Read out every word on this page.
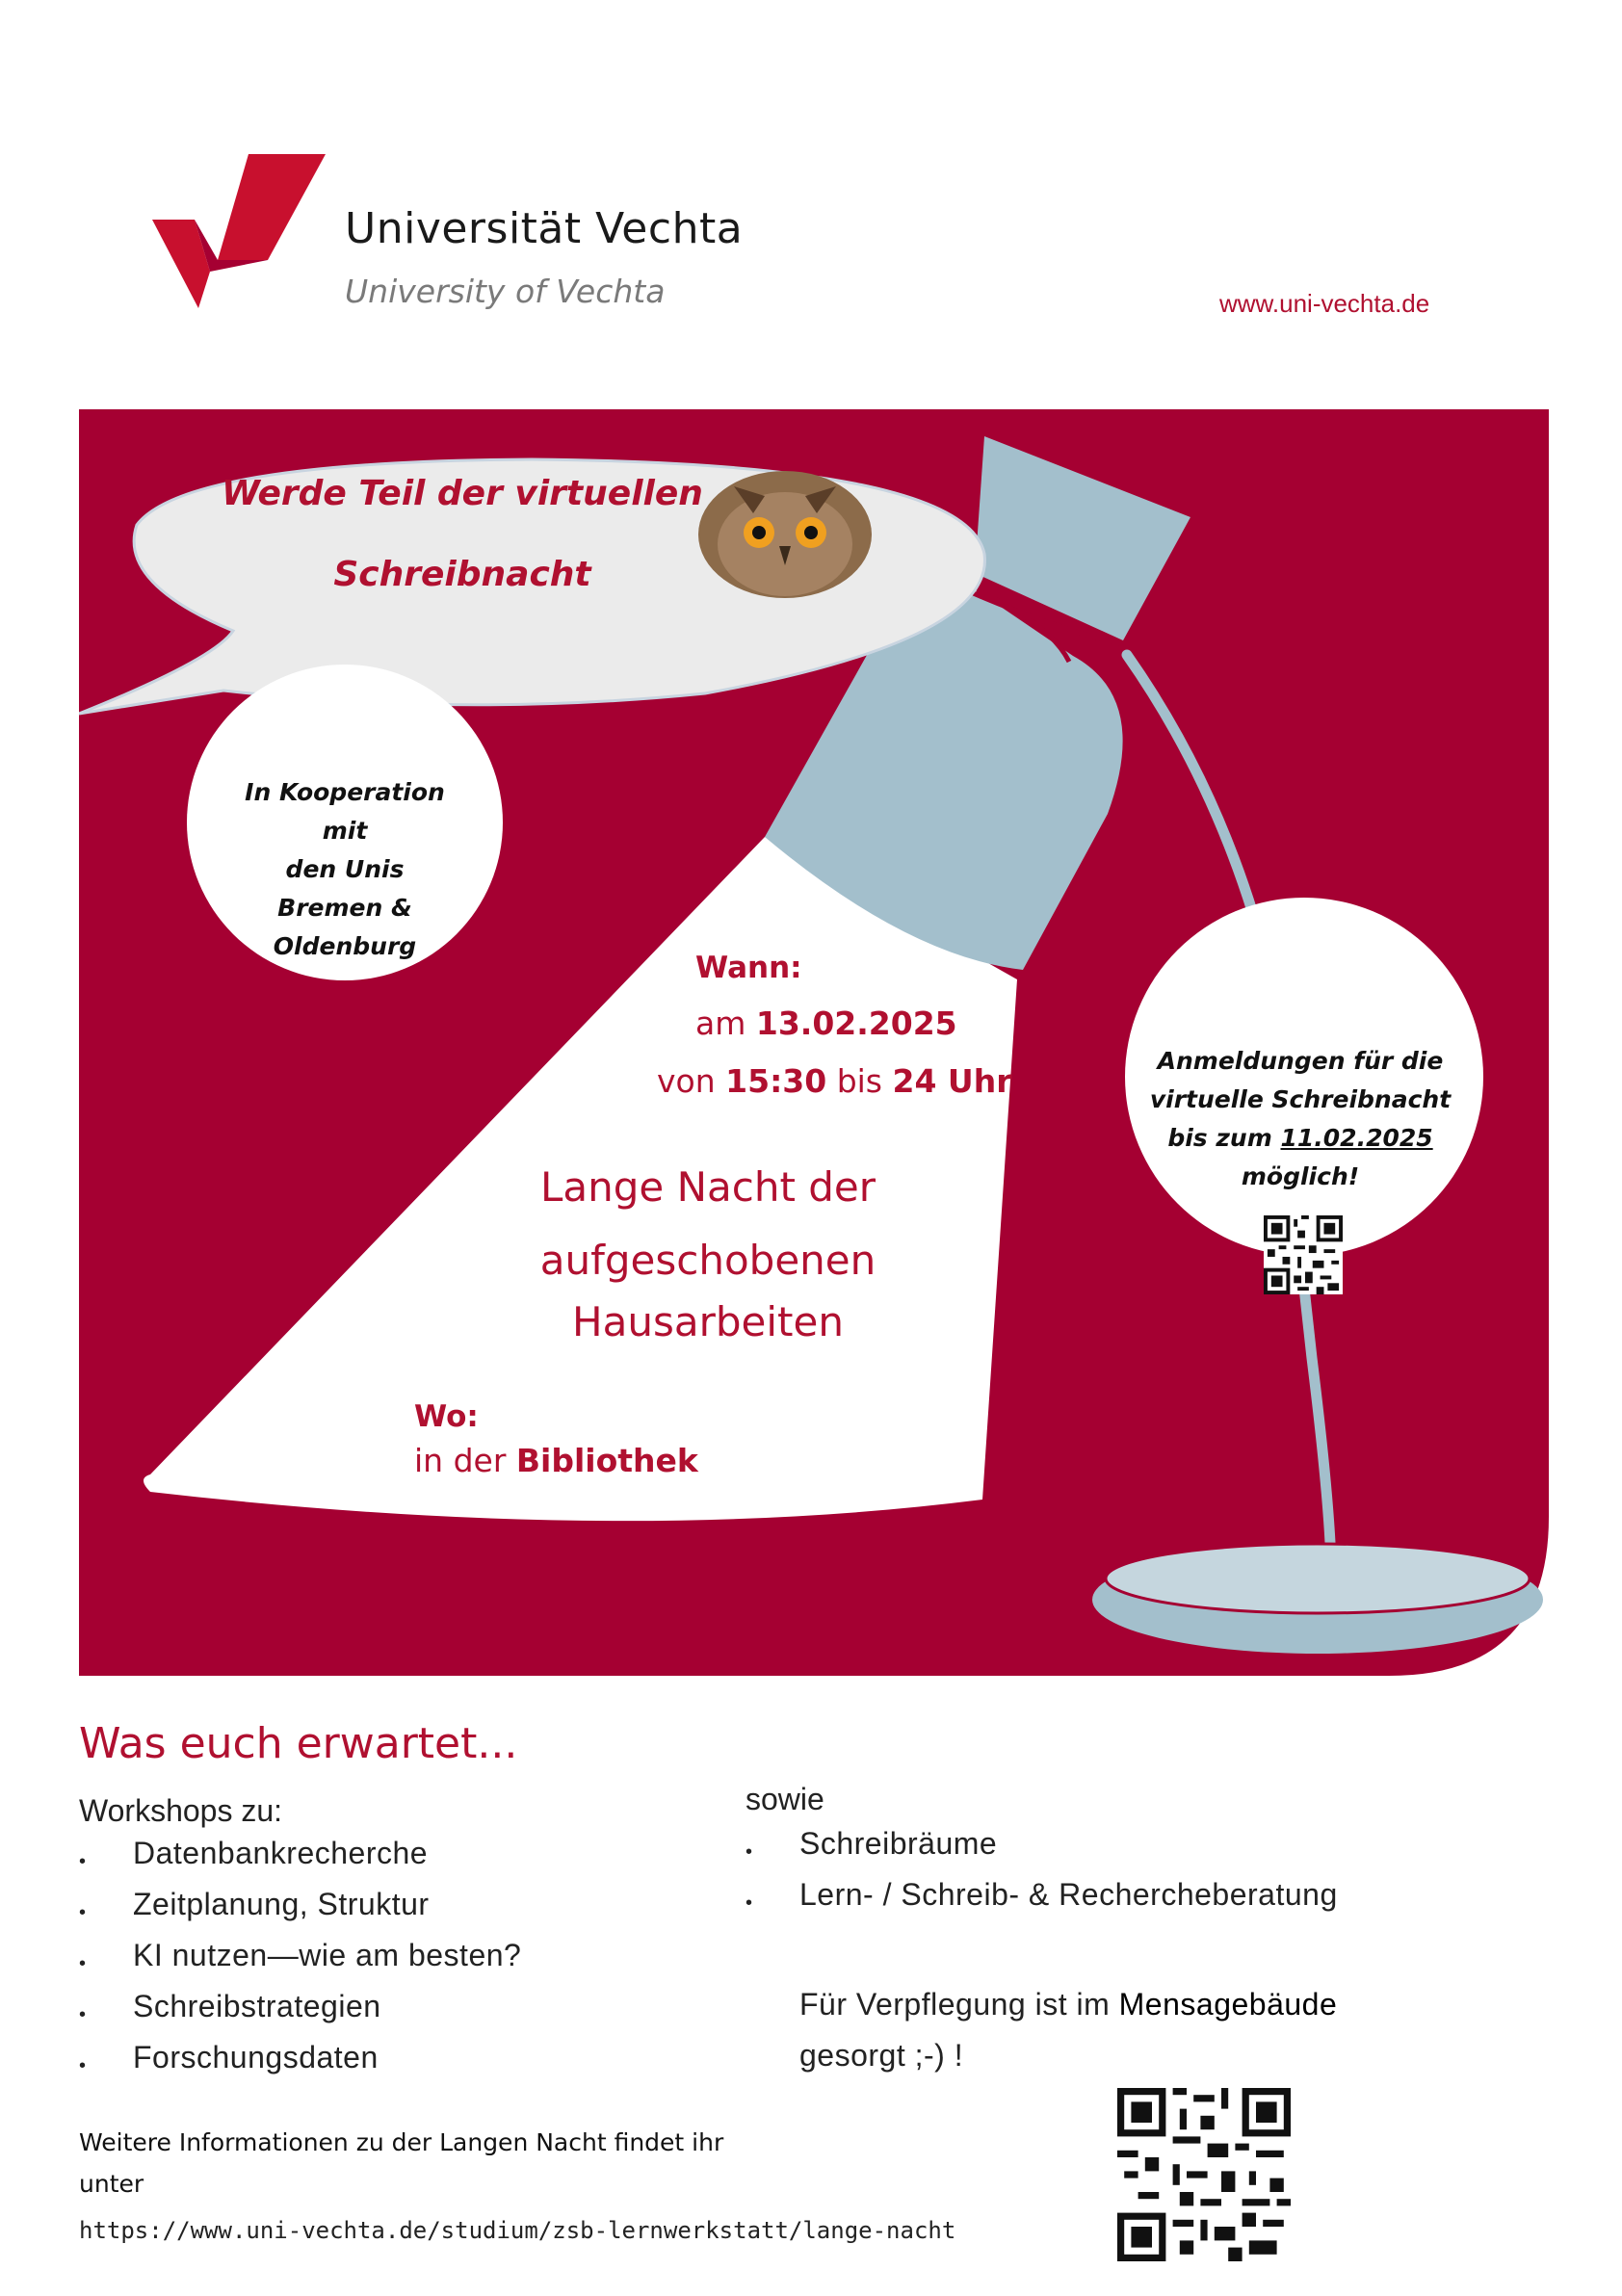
Universität Vechta
University of Vechta	www.uni-vechta.de
Werde Teil der virtuellen
Schreibnacht
In Kooperation mit
den Unis
Bremen & Oldenburg
Wann:
am 13.02.2025
von 15:30 bis 24 Uhr
Lange Nacht der
aufgeschobenen
Hausarbeiten
Wo:
in der Bibliothek
Anmeldungen für die
virtuelle Schreibnacht
bis zum 11.02.2025
möglich!
Was euch erwartet...
Workshops zu:
• Datenbankrecherche
• Zeitplanung, Struktur
• KI nutzen—wie am besten?
• Schreibstrategien
• Forschungsdaten
sowie
• Schreibräume
• Lern- / Schreib- & Rechercheberatung
Für Verpflegung ist im Mensagebäude
gesorgt ;-) !
Weitere Informationen zu der Langen Nacht findet ihr unter
https://www.uni-vechta.de/studium/zsb-lernwerkstatt/lange-nacht
